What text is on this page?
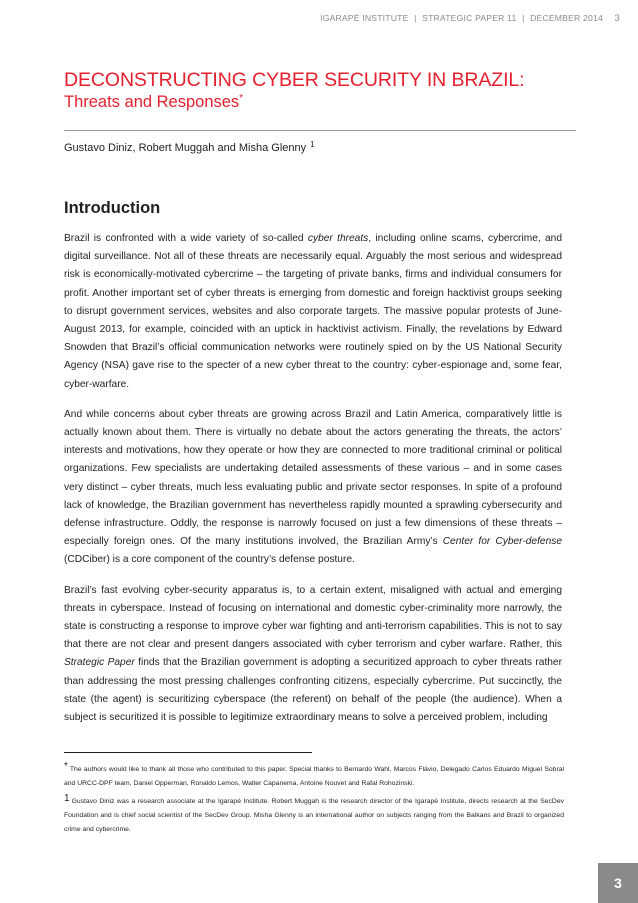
IGARAPÉ INSTITUTE | STRATEGIC PAPER 11 | DECEMBER 2014 3
DECONSTRUCTING CYBER SECURITY IN BRAZIL:
Threats and Responses*
Gustavo Diniz, Robert Muggah and Misha Glenny $^1$
Introduction

Brazil is confronted with a wide variety of so-called cyber threats, including online scams, cybercrime, and digital surveillance. Not all of these threats are necessarily equal. Arguably the most serious and widespread risk is economically-motivated cybercrime – the targeting of private banks, firms and individual consumers for profit. Another important set of cyber threats is emerging from domestic and foreign hacktivist groups seeking to disrupt government services, websites and also corporate targets. The massive popular protests of June-August 2013, for example, coincided with an uptick in hacktivist activism. Finally, the revelations by Edward Snowden that Brazil’s official communication networks were routinely spied on by the US National Security Agency (NSA) gave rise to the specter of a new cyber threat to the country: cyber-espionage and, some fear, cyber-warfare.

And while concerns about cyber threats are growing across Brazil and Latin America, comparatively little is actually known about them. There is virtually no debate about the actors generating the threats, the actors’ interests and motivations, how they operate or how they are connected to more traditional criminal or political organizations. Few specialists are undertaking detailed assessments of these various – and in some cases very distinct – cyber threats, much less evaluating public and private sector responses. In spite of a profound lack of knowledge, the Brazilian government has nevertheless rapidly mounted a sprawling cybersecurity and defense infrastructure. Oddly, the response is narrowly focused on just a few dimensions of these threats – especially foreign ones. Of the many institutions involved, the Brazilian Army’s Center for Cyber-defense (CDCiber) is a core component of the country’s defense posture.

Brazil’s fast evolving cyber-security apparatus is, to a certain extent, misaligned with actual and emerging threats in cyberspace. Instead of focusing on international and domestic cyber-criminality more narrowly, the state is constructing a response to improve cyber war fighting and anti-terrorism capabilities. This is not to say that there are not clear and present dangers associated with cyber terrorism and cyber warfare. Rather, this Strategic Paper finds that the Brazilian government is adopting a securitized approach to cyber threats rather than addressing the most pressing challenges confronting citizens, especially cybercrime. Put succinctly, the state (the agent) is securitizing cyberspace (the referent) on behalf of the people (the audience). When a subject is securitized it is possible to legitimize extraordinary means to solve a perceived problem, including

* The authors would like to thank all those who contributed to this paper. Special thanks to Bernardo Wahl, Marcos Flávio, Delegado Carlos Eduardo Miguel Sobral and URCC-DPF team, Daniel Opperman, Ronaldo Lemos, Walter Capanema, Antoine Nouvet and Rafal Rohozinski.

1 Gustavo Diniz was a research associate at the Igarapé Institute. Robert Muggah is the research director of the Igarapé Institute, directs research at the SecDev Foundation and is chief social scientist of the SecDev Group. Misha Glenny is an international author on subjects ranging from the Balkans and Brazil to organized crime and cybercrime.

3
